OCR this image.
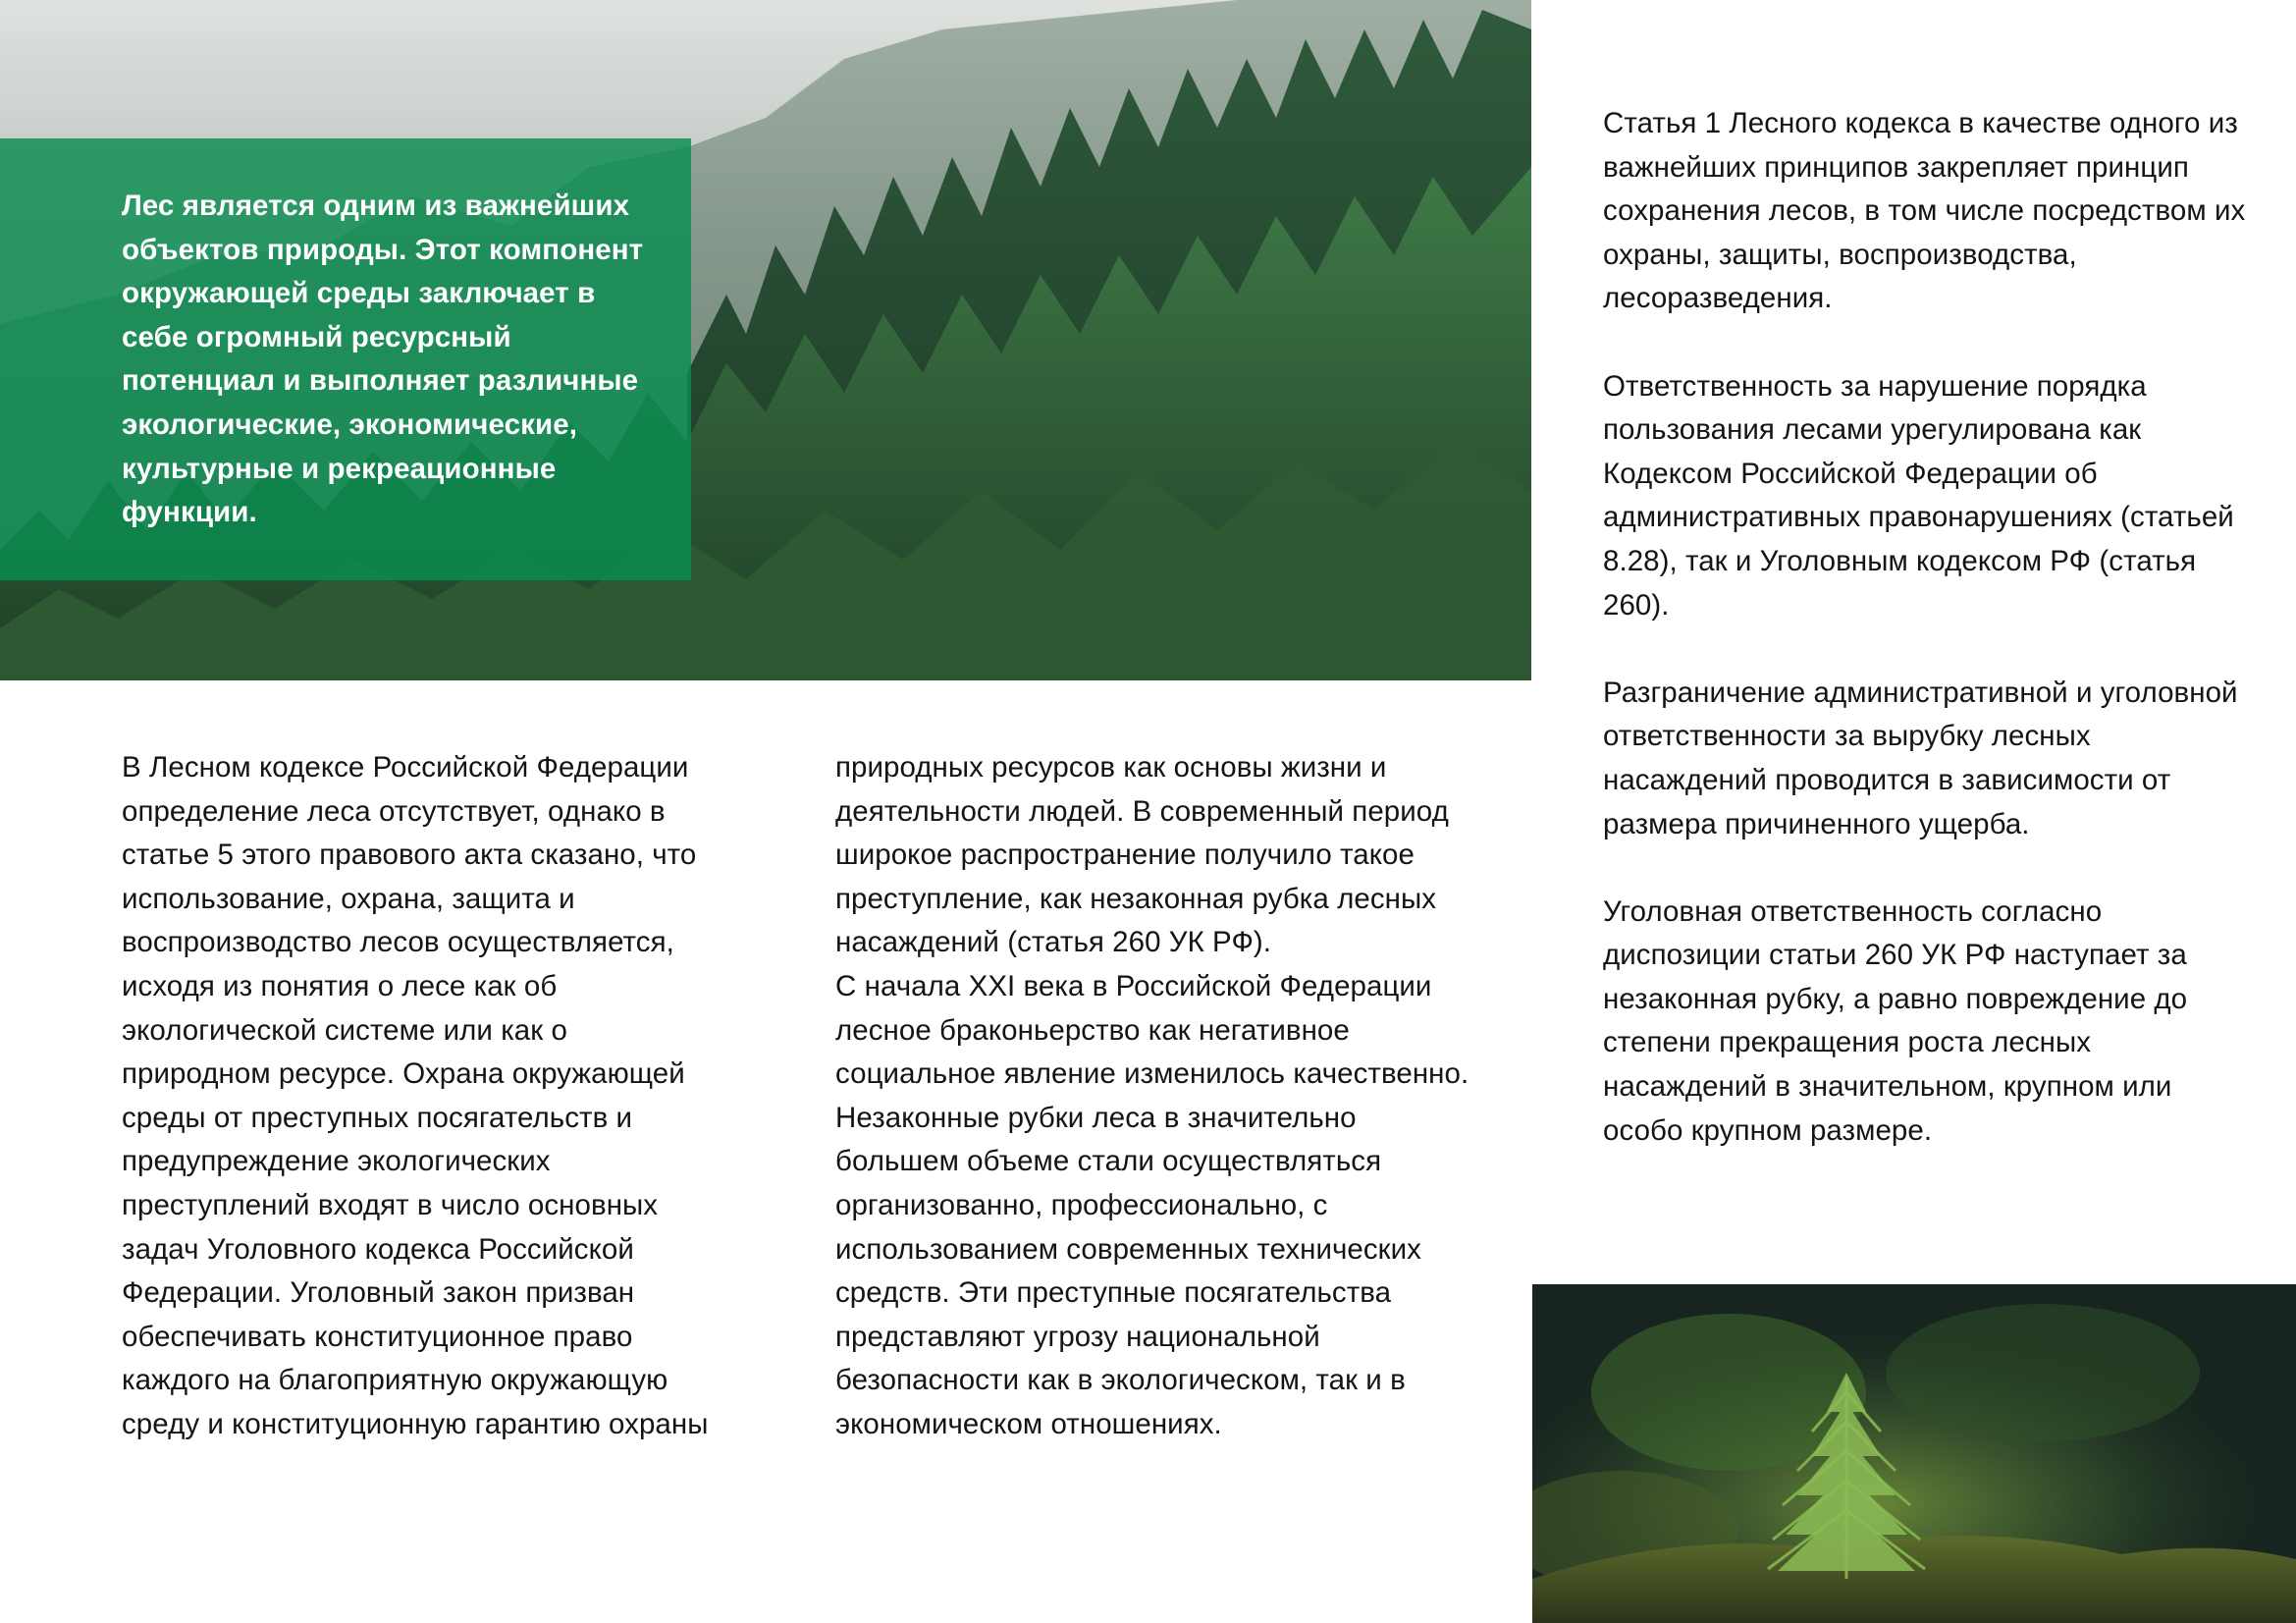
Лес является одним из важнейших объектов природы. Этот компонент окружающей среды заключает в себе огромный ресурсный потенциал и выполняет различные экологические, экономические, культурные и рекреационные функции.

В Лесном кодексе Российской Федерации определение леса отсутствует, однако в статье 5 этого правового акта сказано, что использование, охрана, защита и воспроизводство лесов осуществляется, исходя из понятия о лесе как об экологической системе или как о природном ресурсе. Охрана окружающей среды от преступных посягательств и предупреждение экологических преступлений входят в число основных задач Уголовного кодекса Российской Федерации. Уголовный закон призван обеспечивать конституционное право каждого на благоприятную окружающую среду и конституционную гарантию охраны

природных ресурсов как основы жизни и деятельности людей. В современный период широкое распространение получило такое преступление, как незаконная рубка лесных насаждений (статья 260 УК РФ).

С начала XXI века в Российской Федерации лесное браконьерство как негативное социальное явление изменилось качественно. Незаконные рубки леса в значительно большем объеме стали осуществляться организованно, профессионально, с использованием современных технических средств. Эти преступные посягательства представляют угрозу национальной безопасности как в экологическом, так и в экономическом отношениях.

Статья 1 Лесного кодекса в качестве одного из важнейших принципов закрепляет принцип сохранения лесов, в том числе посредством их охраны, защиты, воспроизводства, лесоразведения.

Ответственность за нарушение порядка пользования лесами урегулирована как Кодексом Российской Федерации об административных правонарушениях (статьей 8.28), так и Уголовным кодексом РФ (статья 260).

Разграничение административной и уголовной ответственности за вырубку лесных насаждений проводится в зависимости от размера причиненного ущерба.

Уголовная ответственность согласно диспозиции статьи 260 УК РФ наступает за незаконная рубку, а равно повреждение до степени прекращения роста лесных насаждений в значительном, крупном или особо крупном размере.
